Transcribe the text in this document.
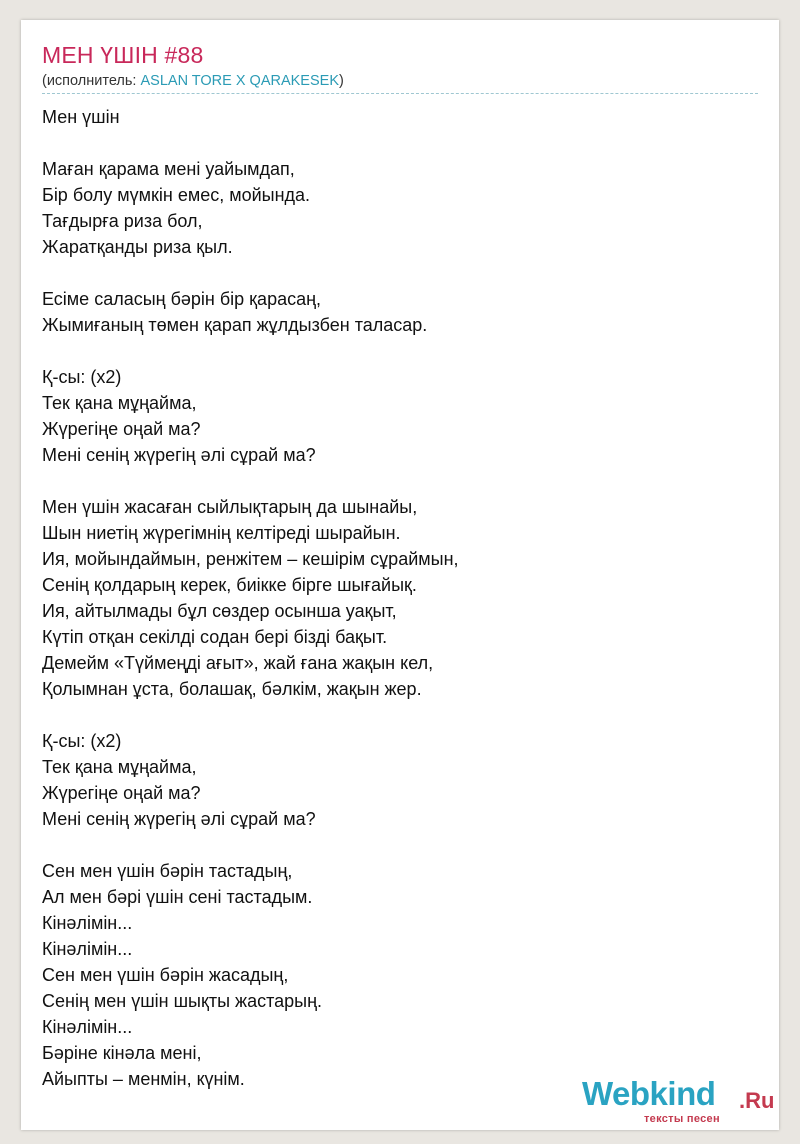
МЕН ҮШІН #88
(исполнитель: ASLAN TORE X QARAKESEK)
Мен үшін
Маған қарама мені уайымдап,
Бір болу мүмкін емес, мойында.
Тағдырға риза бол,
Жаратқанды риза қыл.
Есіме саласың бәрін бір қарасаң,
Жымиғаның төмен қарап жұлдызбен таласар.
Қ-сы: (х2)
Тек қана мұңайма,
Жүрегіңе оңай ма?
Мені сенің жүрегің әлі сұрай ма?
Мен үшін жасаған сыйлықтарың да шынайы,
Шын ниетің жүрегімнің келтіреді шырайын.
Ия, мойындаймын, ренжітем – кешірім сұраймын,
Сенің қолдарың керек, биікке бірге шығайық.
Ия, айтылмады бұл сөздер осынша уақыт,
Күтіп отқан секілді содан бері бізді бақыт.
Демейм «Түймеңді ағыт», жай ғана жақын кел,
Қолымнан ұста, болашақ, бәлкім, жақын жер.
Қ-сы: (х2)
Тек қана мұңайма,
Жүрегіңе оңай ма?
Мені сенің жүрегің әлі сұрай ма?
Сен мен үшін бәрін тастадың,
Ал мен бәрі үшін сені тастадым.
Кінәлімін...
Кінәлімін...
Сен мен үшін бәрін жасадың,
Сенің мен үшін шықты жастарың.
Кінәлімін...
Бәріне кінәла мені,
Айыпты – менмін, күнім.	Webkind .Ru
тексты песен
